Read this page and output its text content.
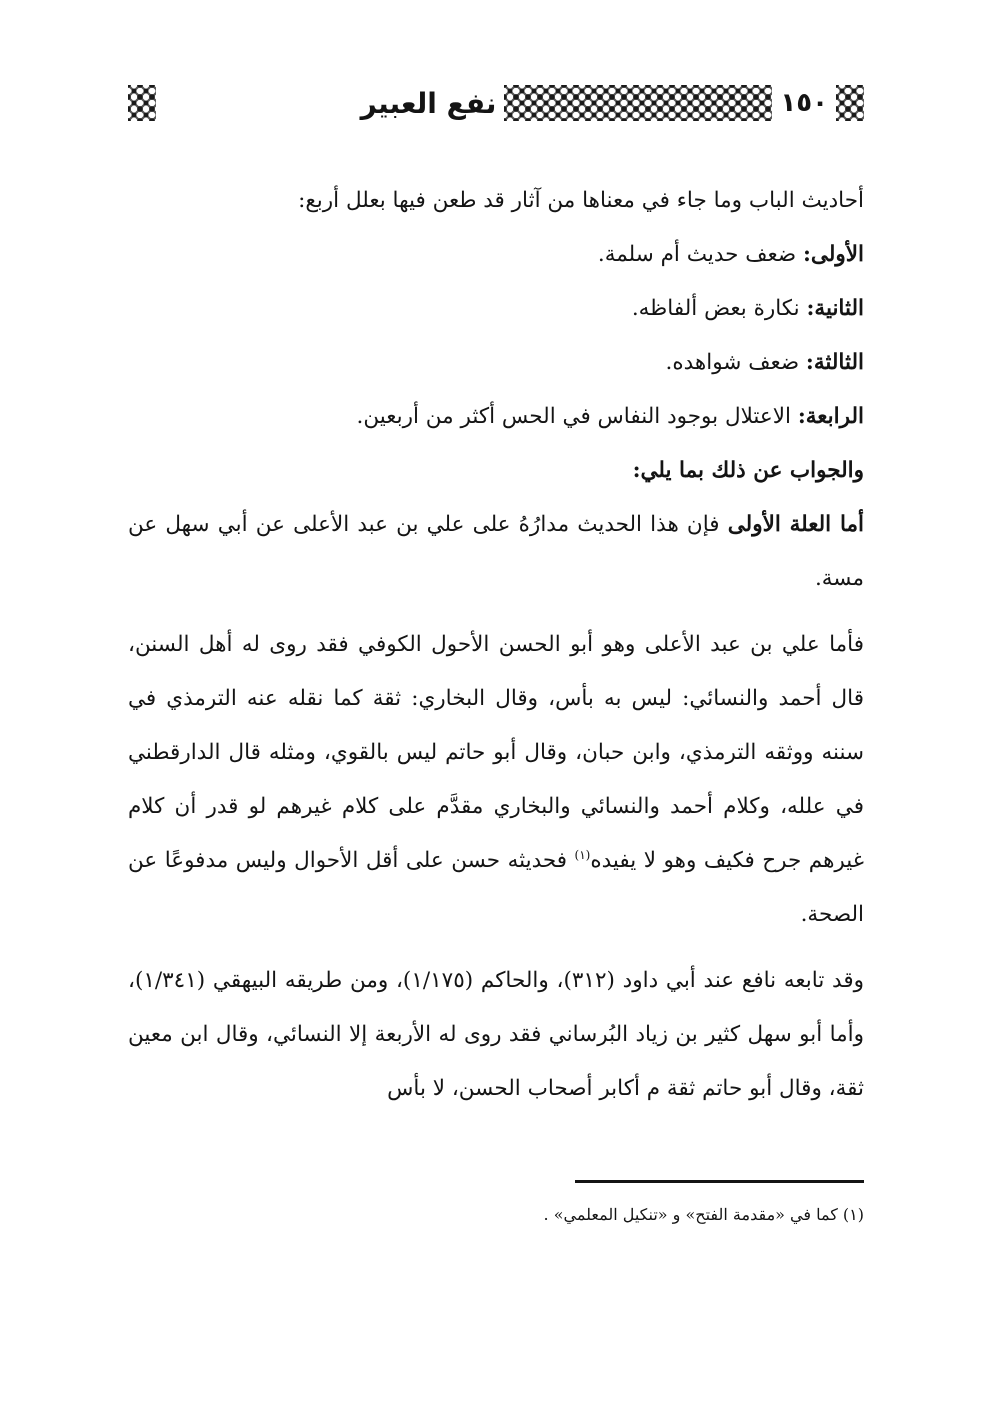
١٥٠
نفع العبير

أحاديث الباب وما جاء في معناها من آثار قد طعن فيها بعلل أربع:

الأولى: ضعف حديث أم سلمة.

الثانية: نكارة بعض ألفاظه.

الثالثة: ضعف شواهده.

الرابعة: الاعتلال بوجود النفاس في الحس أكثر من أربعين.

والجواب عن ذلك بما يلي:

أما العلة الأولى فإن هذا الحديث مدارُهُ على علي بن عبد الأعلى عن أبي سهل عن مسة.

فأما علي بن عبد الأعلى وهو أبو الحسن الأحول الكوفي فقد روى له أهل السنن، قال أحمد والنسائي: ليس به بأس، وقال البخاري: ثقة كما نقله عنه الترمذي في سننه ووثقه الترمذي، وابن حبان، وقال أبو حاتم ليس بالقوي، ومثله قال الدارقطني في علله، وكلام أحمد والنسائي والبخاري مقدَّم على كلام غيرهم لو قدر أن كلام غيرهم جرح فكيف وهو لا يفيده$^{(١)}$ فحديثه حسن على أقل الأحوال وليس مدفوعًا عن الصحة.

وقد تابعه نافع عند أبي داود (٣١٢)، والحاكم (١/١٧٥)، ومن طريقه البيهقي (١/٣٤١)، وأما أبو سهل كثير بن زياد البُرساني فقد روى له الأربعة إلا النسائي، وقال ابن معين ثقة، وقال أبو حاتم ثقة م أكابر أصحاب الحسن، لا بأس

(١) كما في «مقدمة الفتح» و «تنكيل المعلمي» .
